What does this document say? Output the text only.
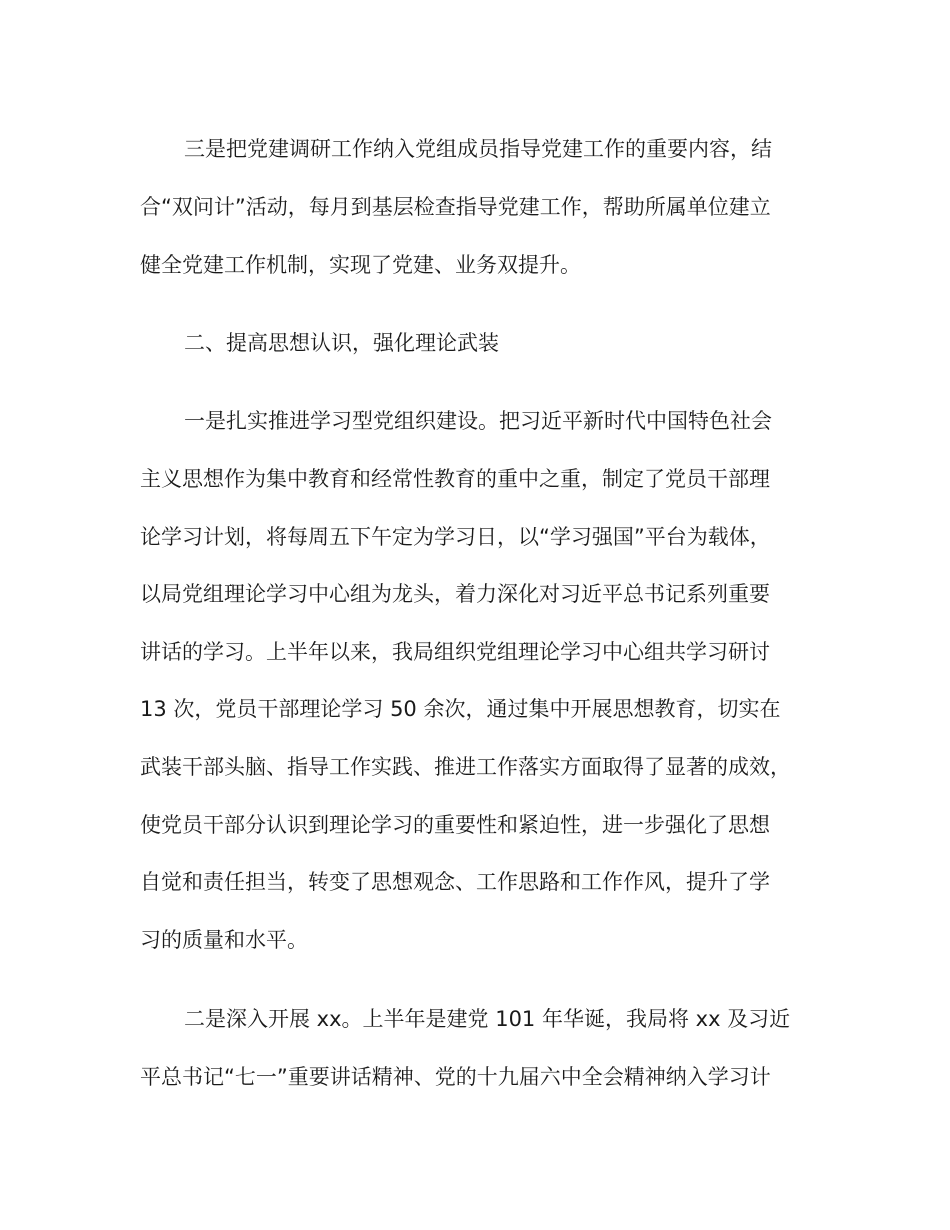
三是把党建调研工作纳入党组成员指导党建工作的重要内容，结
合“双问计”活动，每月到基层检查指导党建工作，帮助所属单位建立
健全党建工作机制，实现了党建、业务双提升。
二、提高思想认识，强化理论武装
一是扎实推进学习型党组织建设。把习近平新时代中国特色社会
主义思想作为集中教育和经常性教育的重中之重，制定了党员干部理
论学习计划，将每周五下午定为学习日，以“学习强国”平台为载体，
以局党组理论学习中心组为龙头，着力深化对习近平总书记系列重要
讲话的学习。上半年以来，我局组织党组理论学习中心组共学习研讨
13 次，党员干部理论学习 50 余次，通过集中开展思想教育，切实在
武装干部头脑、指导工作实践、推进工作落实方面取得了显著的成效，
使党员干部分认识到理论学习的重要性和紧迫性，进一步强化了思想
自觉和责任担当，转变了思想观念、工作思路和工作作风，提升了学
习的质量和水平。
二是深入开展 xx。上半年是建党 101 年华诞，我局将 xx 及习近
平总书记“七一”重要讲话精神、党的十九届六中全会精神纳入学习计
